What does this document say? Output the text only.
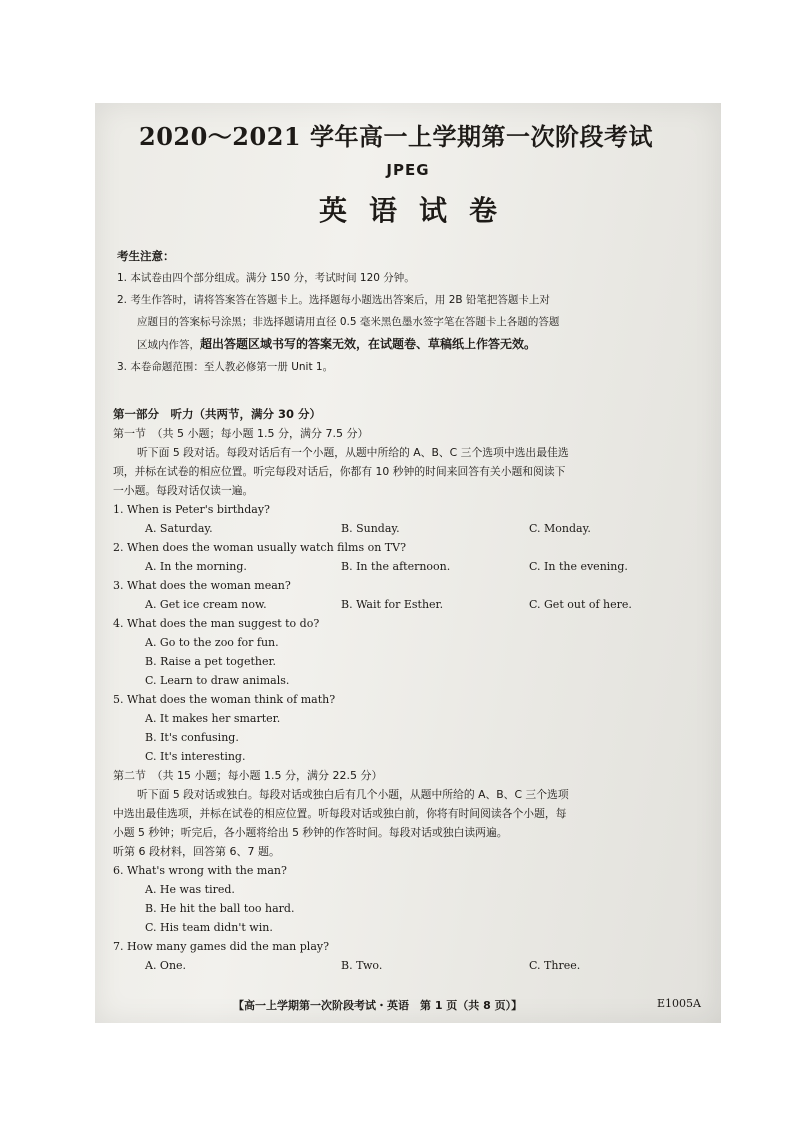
2020～2021 学年高一上学期第一次阶段考试
JPEG
英语试卷
考生注意：
1. 本试卷由四个部分组成。满分 150 分，考试时间 120 分钟。
2. 考生作答时，请将答案答在答题卡上。选择题每小题选出答案后，用 2B 铅笔把答题卡上对
应题目的答案标号涂黑；非选择题请用直径 0.5 毫米黑色墨水签字笔在答题卡上各题的答题
区域内作答，超出答题区域书写的答案无效，在试题卷、草稿纸上作答无效。
3. 本卷命题范围：至人教必修第一册 Unit 1。
第一部分　听力（共两节，满分 30 分）
第一节　（共 5 小题；每小题 1.5 分，满分 7.5 分）
听下面 5 段对话。每段对话后有一个小题，从题中所给的 A、B、C 三个选项中选出最佳选
项，并标在试卷的相应位置。听完每段对话后，你都有 10 秒钟的时间来回答有关小题和阅读下
一小题。每段对话仅读一遍。
1. When is Peter's birthday?
A. Saturday.	B. Sunday.	C. Monday.
2. When does the woman usually watch films on TV?
A. In the morning.	B. In the afternoon.	C. In the evening.
3. What does the woman mean?
A. Get ice cream now.	B. Wait for Esther.	C. Get out of here.
4. What does the man suggest to do?
A. Go to the zoo for fun.
B. Raise a pet together.
C. Learn to draw animals.
5. What does the woman think of math?
A. It makes her smarter.
B. It's confusing.
C. It's interesting.
第二节　（共 15 小题；每小题 1.5 分，满分 22.5 分）
听下面 5 段对话或独白。每段对话或独白后有几个小题，从题中所给的 A、B、C 三个选项
中选出最佳选项，并标在试卷的相应位置。听每段对话或独白前，你将有时间阅读各个小题，每
小题 5 秒钟；听完后，各小题将给出 5 秒钟的作答时间。每段对话或独白读两遍。
听第 6 段材料，回答第 6、7 题。
6. What's wrong with the man?
A. He was tired.
B. He hit the ball too hard.
C. His team didn't win.
7. How many games did the man play?
A. One.	B. Two.	C. Three.
【高一上学期第一次阶段考试・英语　第 1 页（共 8 页）】	E1005A
